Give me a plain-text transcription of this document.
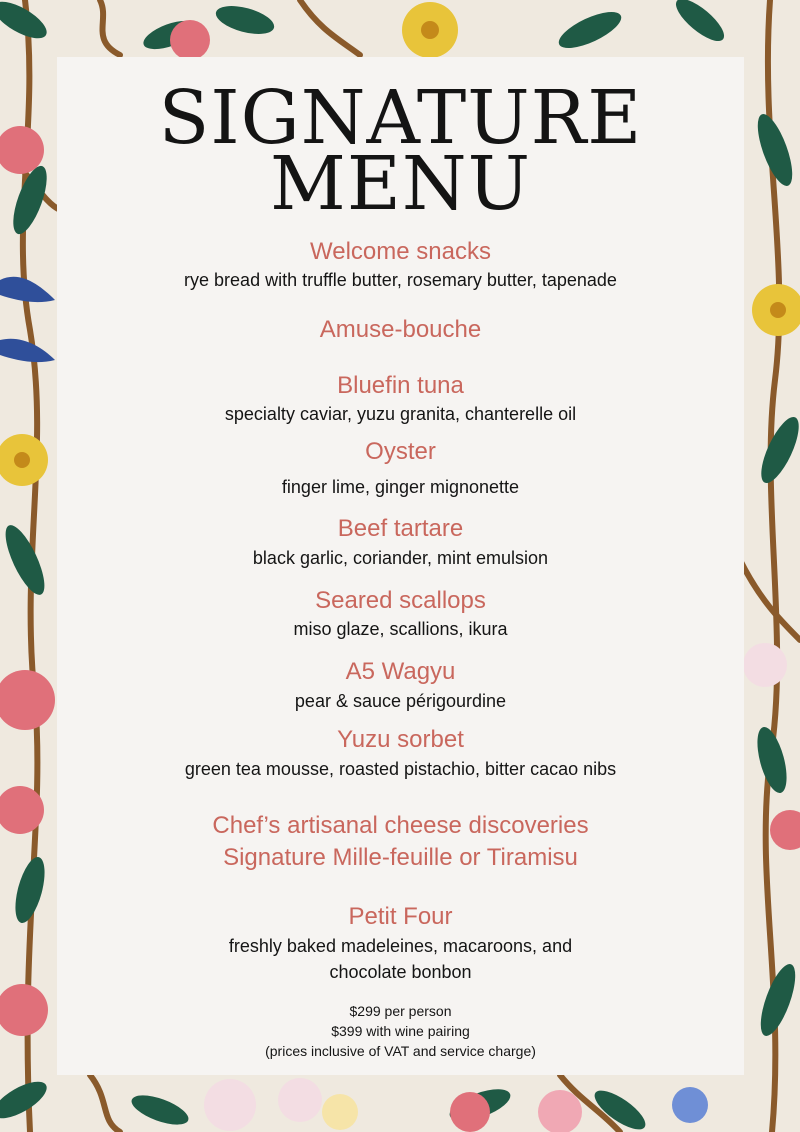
SIGNATURE
MENU
Welcome snacks
rye bread with truffle butter, rosemary butter, tapenade
Amuse-bouche
Bluefin tuna
specialty caviar, yuzu granita, chanterelle oil
Oyster
finger lime, ginger mignonette
Beef tartare
black garlic, coriander, mint emulsion
Seared scallops
miso glaze, scallions, ikura
A5 Wagyu
pear & sauce périgourdine
Yuzu sorbet
green tea mousse, roasted pistachio, bitter cacao nibs
Chef’s artisanal cheese discoveries
Signature Mille-feuille or Tiramisu
Petit Four
freshly baked madeleines, macaroons, and
chocolate bonbon
$299 per person
$399 with wine pairing
(prices inclusive of VAT and service charge)
